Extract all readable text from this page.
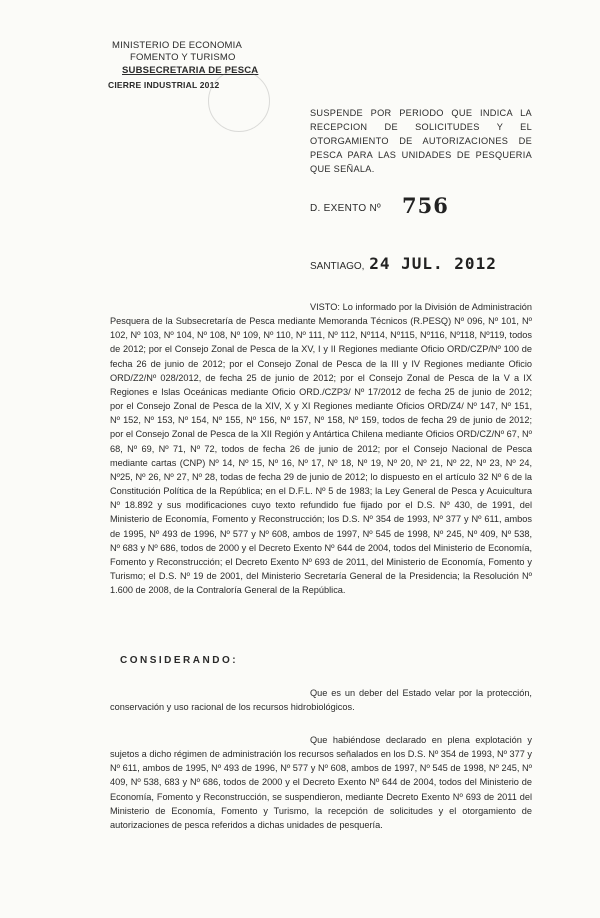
MINISTERIO DE ECONOMIA
FOMENTO Y TURISMO
SUBSECRETARIA DE PESCA
CIERRE INDUSTRIAL 2012
SUSPENDE POR PERIODO QUE INDICA LA RECEPCION DE SOLICITUDES Y EL OTORGAMIENTO DE AUTORIZACIONES DE PESCA PARA LAS UNIDADES DE PESQUERIA QUE SEÑALA.
D. EXENTO Nº 756
SANTIAGO, 24 JUL. 2012
VISTO: Lo informado por la División de Administración Pesquera de la Subsecretaría de Pesca mediante Memoranda Técnicos (R.PESQ) Nº 096, Nº 101, Nº 102, Nº 103, Nº 104, Nº 108, Nº 109, Nº 110, Nº 111, Nº 112, Nº114, Nº115, Nº116, Nº118, Nº119, todos de 2012; por el Consejo Zonal de Pesca de la XV, I y II Regiones mediante Oficio ORD/CZP/Nº 100 de fecha 26 de junio de 2012; por el Consejo Zonal de Pesca de la III y IV Regiones mediante Oficio ORD/Z2/Nº 028/2012, de fecha 25 de junio de 2012; por el Consejo Zonal de Pesca de la V a IX Regiones e Islas Oceánicas mediante Oficio ORD./CZP3/ Nº 17/2012 de fecha 25 de junio de 2012; por el Consejo Zonal de Pesca de la XIV, X y XI Regiones mediante Oficios ORD/Z4/ Nº 147, Nº 151, Nº 152, Nº 153, Nº 154, Nº 155, Nº 156, Nº 157, Nº 158, Nº 159, todos de fecha 29 de junio de 2012; por el Consejo Zonal de Pesca de la XII Región y Antártica Chilena mediante Oficios ORD/CZ/Nº 67, Nº 68, Nº 69, Nº 71, Nº 72, todos de fecha 26 de junio de 2012; por el Consejo Nacional de Pesca mediante cartas (CNP) Nº 14, Nº 15, Nº 16, Nº 17, Nº 18, Nº 19, Nº 20, Nº 21, Nº 22, Nº 23, Nº 24, Nº25, Nº 26, Nº 27, Nº 28, todas de fecha 29 de junio de 2012; lo dispuesto en el artículo 32 Nº 6 de la Constitución Política de la República; en el D.F.L. Nº 5 de 1983; la Ley General de Pesca y Acuicultura Nº 18.892 y sus modificaciones cuyo texto refundido fue fijado por el D.S. Nº 430, de 1991, del Ministerio de Economía, Fomento y Reconstrucción; los D.S. Nº 354 de 1993, Nº 377 y Nº 611, ambos de 1995, Nº 493 de 1996, Nº 577 y Nº 608, ambos de 1997, Nº 545 de 1998, Nº 245, Nº 409, Nº 538, Nº 683 y Nº 686, todos de 2000 y el Decreto Exento Nº 644 de 2004, todos del Ministerio de Economía, Fomento y Reconstrucción; el Decreto Exento Nº 693 de 2011, del Ministerio de Economía, Fomento y Turismo; el D.S. Nº 19 de 2001, del Ministerio Secretaría General de la Presidencia; la Resolución Nº 1.600 de 2008, de la Contraloría General de la República.
CONSIDERANDO:
Que es un deber del Estado velar por la protección, conservación y uso racional de los recursos hidrobiológicos.
Que habiéndose declarado en plena explotación y sujetos a dicho régimen de administración los recursos señalados en los D.S. Nº 354 de 1993, Nº 377 y Nº 611, ambos de 1995, Nº 493 de 1996, Nº 577 y Nº 608, ambos de 1997, Nº 545 de 1998, Nº 245, Nº 409, Nº 538, 683 y Nº 686, todos de 2000 y el Decreto Exento Nº 644 de 2004, todos del Ministerio de Economía, Fomento y Reconstrucción, se suspendieron, mediante Decreto Exento Nº 693 de 2011 del Ministerio de Economía, Fomento y Turismo, la recepción de solicitudes y el otorgamiento de autorizaciones de pesca referidos a dichas unidades de pesquería.
